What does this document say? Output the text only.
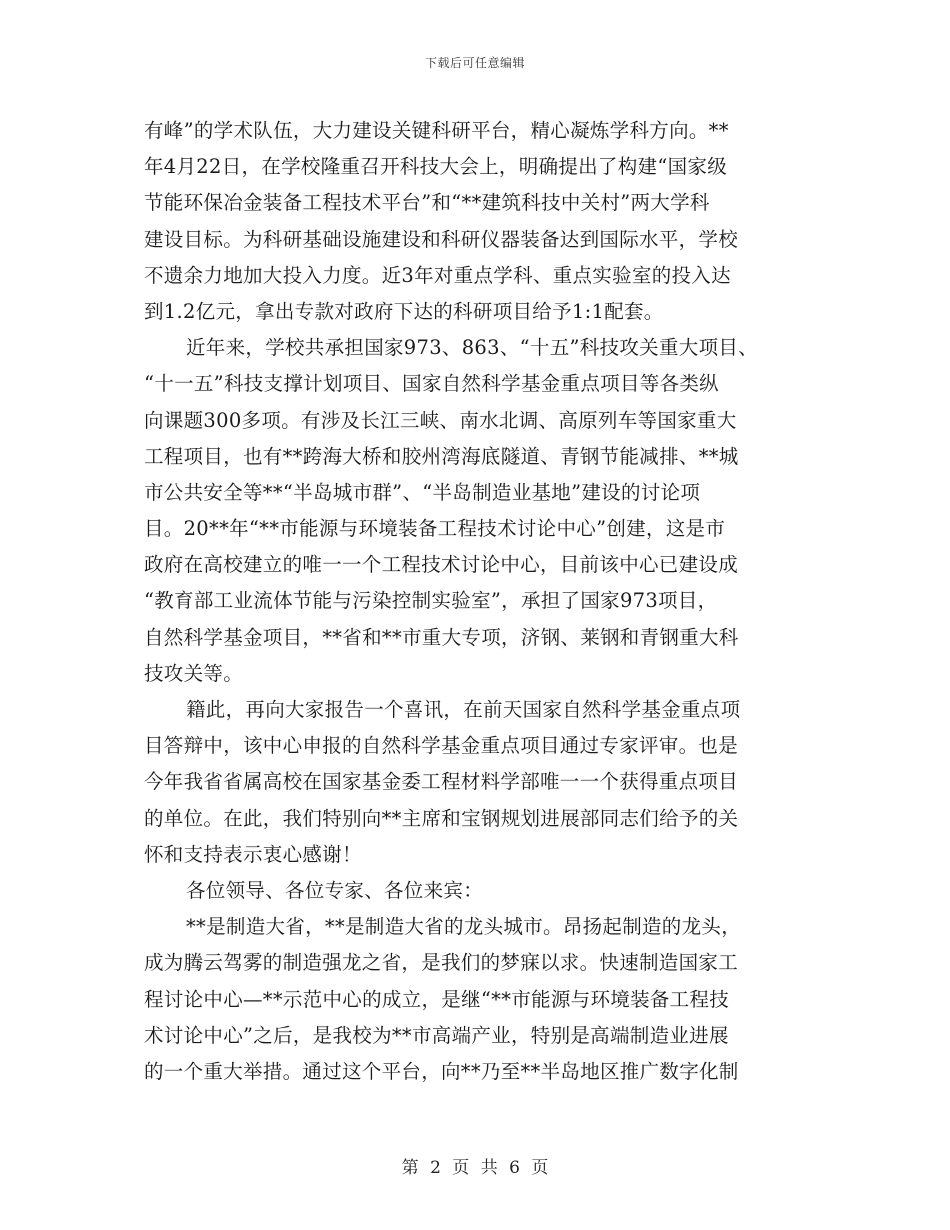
下载后可任意编辑
有峰”的学术队伍，大力建设关键科研平台，精心凝炼学科方向。**
年4月22日，在学校隆重召开科技大会上，明确提出了构建“国家级
节能环保冶金装备工程技术平台”和“**建筑科技中关村”两大学科
建设目标。为科研基础设施建设和科研仪器装备达到国际水平，学校
不遗余力地加大投入力度。近3年对重点学科、重点实验室的投入达
到1.2亿元，拿出专款对政府下达的科研项目给予1:1配套。
近年来，学校共承担国家973、863、“十五”科技攻关重大项目、
“十一五”科技支撑计划项目、国家自然科学基金重点项目等各类纵
向课题300多项。有涉及长江三峡、南水北调、高原列车等国家重大
工程项目，也有**跨海大桥和胶州湾海底隧道、青钢节能减排、**城
市公共安全等**“半岛城市群”、“半岛制造业基地”建设的讨论项
目。20**年“**市能源与环境装备工程技术讨论中心”创建，这是市
政府在高校建立的唯一一个工程技术讨论中心，目前该中心已建设成
“教育部工业流体节能与污染控制实验室”，承担了国家973项目，
自然科学基金项目，**省和**市重大专项，济钢、莱钢和青钢重大科
技攻关等。
籍此，再向大家报告一个喜讯，在前天国家自然科学基金重点项
目答辩中，该中心申报的自然科学基金重点项目通过专家评审。也是
今年我省省属高校在国家基金委工程材料学部唯一一个获得重点项目
的单位。在此，我们特别向**主席和宝钢规划进展部同志们给予的关
怀和支持表示衷心感谢！
各位领导、各位专家、各位来宾：
**是制造大省，**是制造大省的龙头城市。昂扬起制造的龙头，
成为腾云驾雾的制造强龙之省，是我们的梦寐以求。快速制造国家工
程讨论中心—**示范中心的成立，是继“**市能源与环境装备工程技
术讨论中心”之后，是我校为**市高端产业，特别是高端制造业进展
的一个重大举措。通过这个平台，向**乃至**半岛地区推广数字化制
第 2 页 共 6 页
